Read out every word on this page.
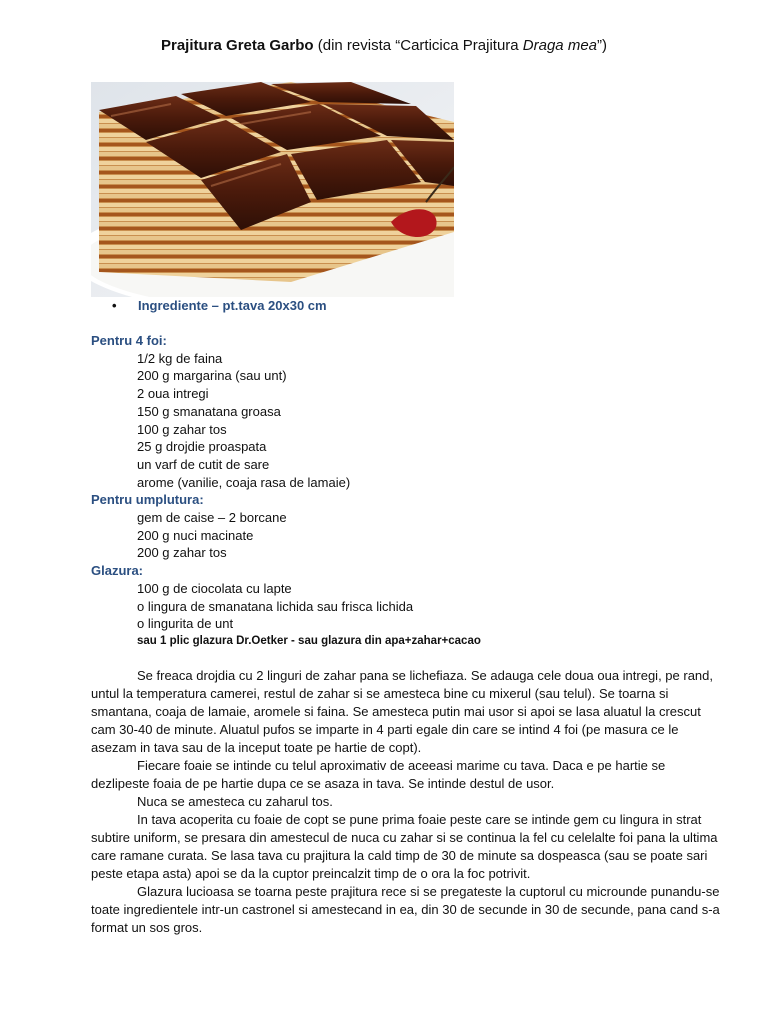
Prajitura Greta Garbo (din revista “Carticica Prajitura Draga mea”)
• Ingrediente – pt.tava 20x30 cm
Pentru 4 foi:
1/2 kg de faina
200 g margarina (sau unt)
2 oua intregi
150 g smanatana groasa
100 g zahar tos
25 g drojdie proaspata
un varf de cutit de sare
arome (vanilie, coaja rasa de lamaie)
Pentru umplutura:
gem de caise – 2 borcane
200 g nuci macinate
200 g zahar tos
Glazura:
100 g de ciocolata cu lapte
o lingura de smanatana lichida sau frisca lichida
o lingurita de unt
sau 1 plic glazura Dr.Oetker - sau glazura din apa+zahar+cacao

Se freaca drojdia cu 2 linguri de zahar pana se lichefiaza. Se adauga cele doua oua intregi, pe rand, untul la temperatura camerei, restul de zahar si se amesteca bine cu mixerul (sau telul). Se toarna si smantana, coaja de lamaie, aromele si faina. Se amesteca putin mai usor si apoi se lasa aluatul la crescut cam 30-40 de minute. Aluatul pufos se imparte in 4 parti egale din care se intind 4 foi (pe masura ce le asezam in tava sau de la inceput toate pe hartie de copt).

Fiecare foaie se intinde cu telul aproximativ de aceeasi marime cu tava. Daca e pe hartie se dezlipeste foaia de pe hartie dupa ce se asaza in tava. Se intinde destul de usor.

Nuca se amesteca cu zaharul tos.

In tava acoperita cu foaie de copt se pune prima foaie peste care se intinde gem cu lingura in strat subtire uniform, se presara din amestecul de nuca cu zahar si se continua la fel cu celelalte foi pana la ultima care ramane curata. Se lasa tava cu prajitura la cald timp de 30 de minute sa dospeasca (sau se poate sari peste etapa asta) apoi se da la cuptor preincalzit timp de o ora la foc potrivit.

Glazura lucioasa se toarna peste prajitura rece si se pregateste la cuptorul cu microunde punandu-se toate ingredientele intr-un castronel si amestecand in ea, din 30 de secunde in 30 de secunde, pana cand s-a format un sos gros.
